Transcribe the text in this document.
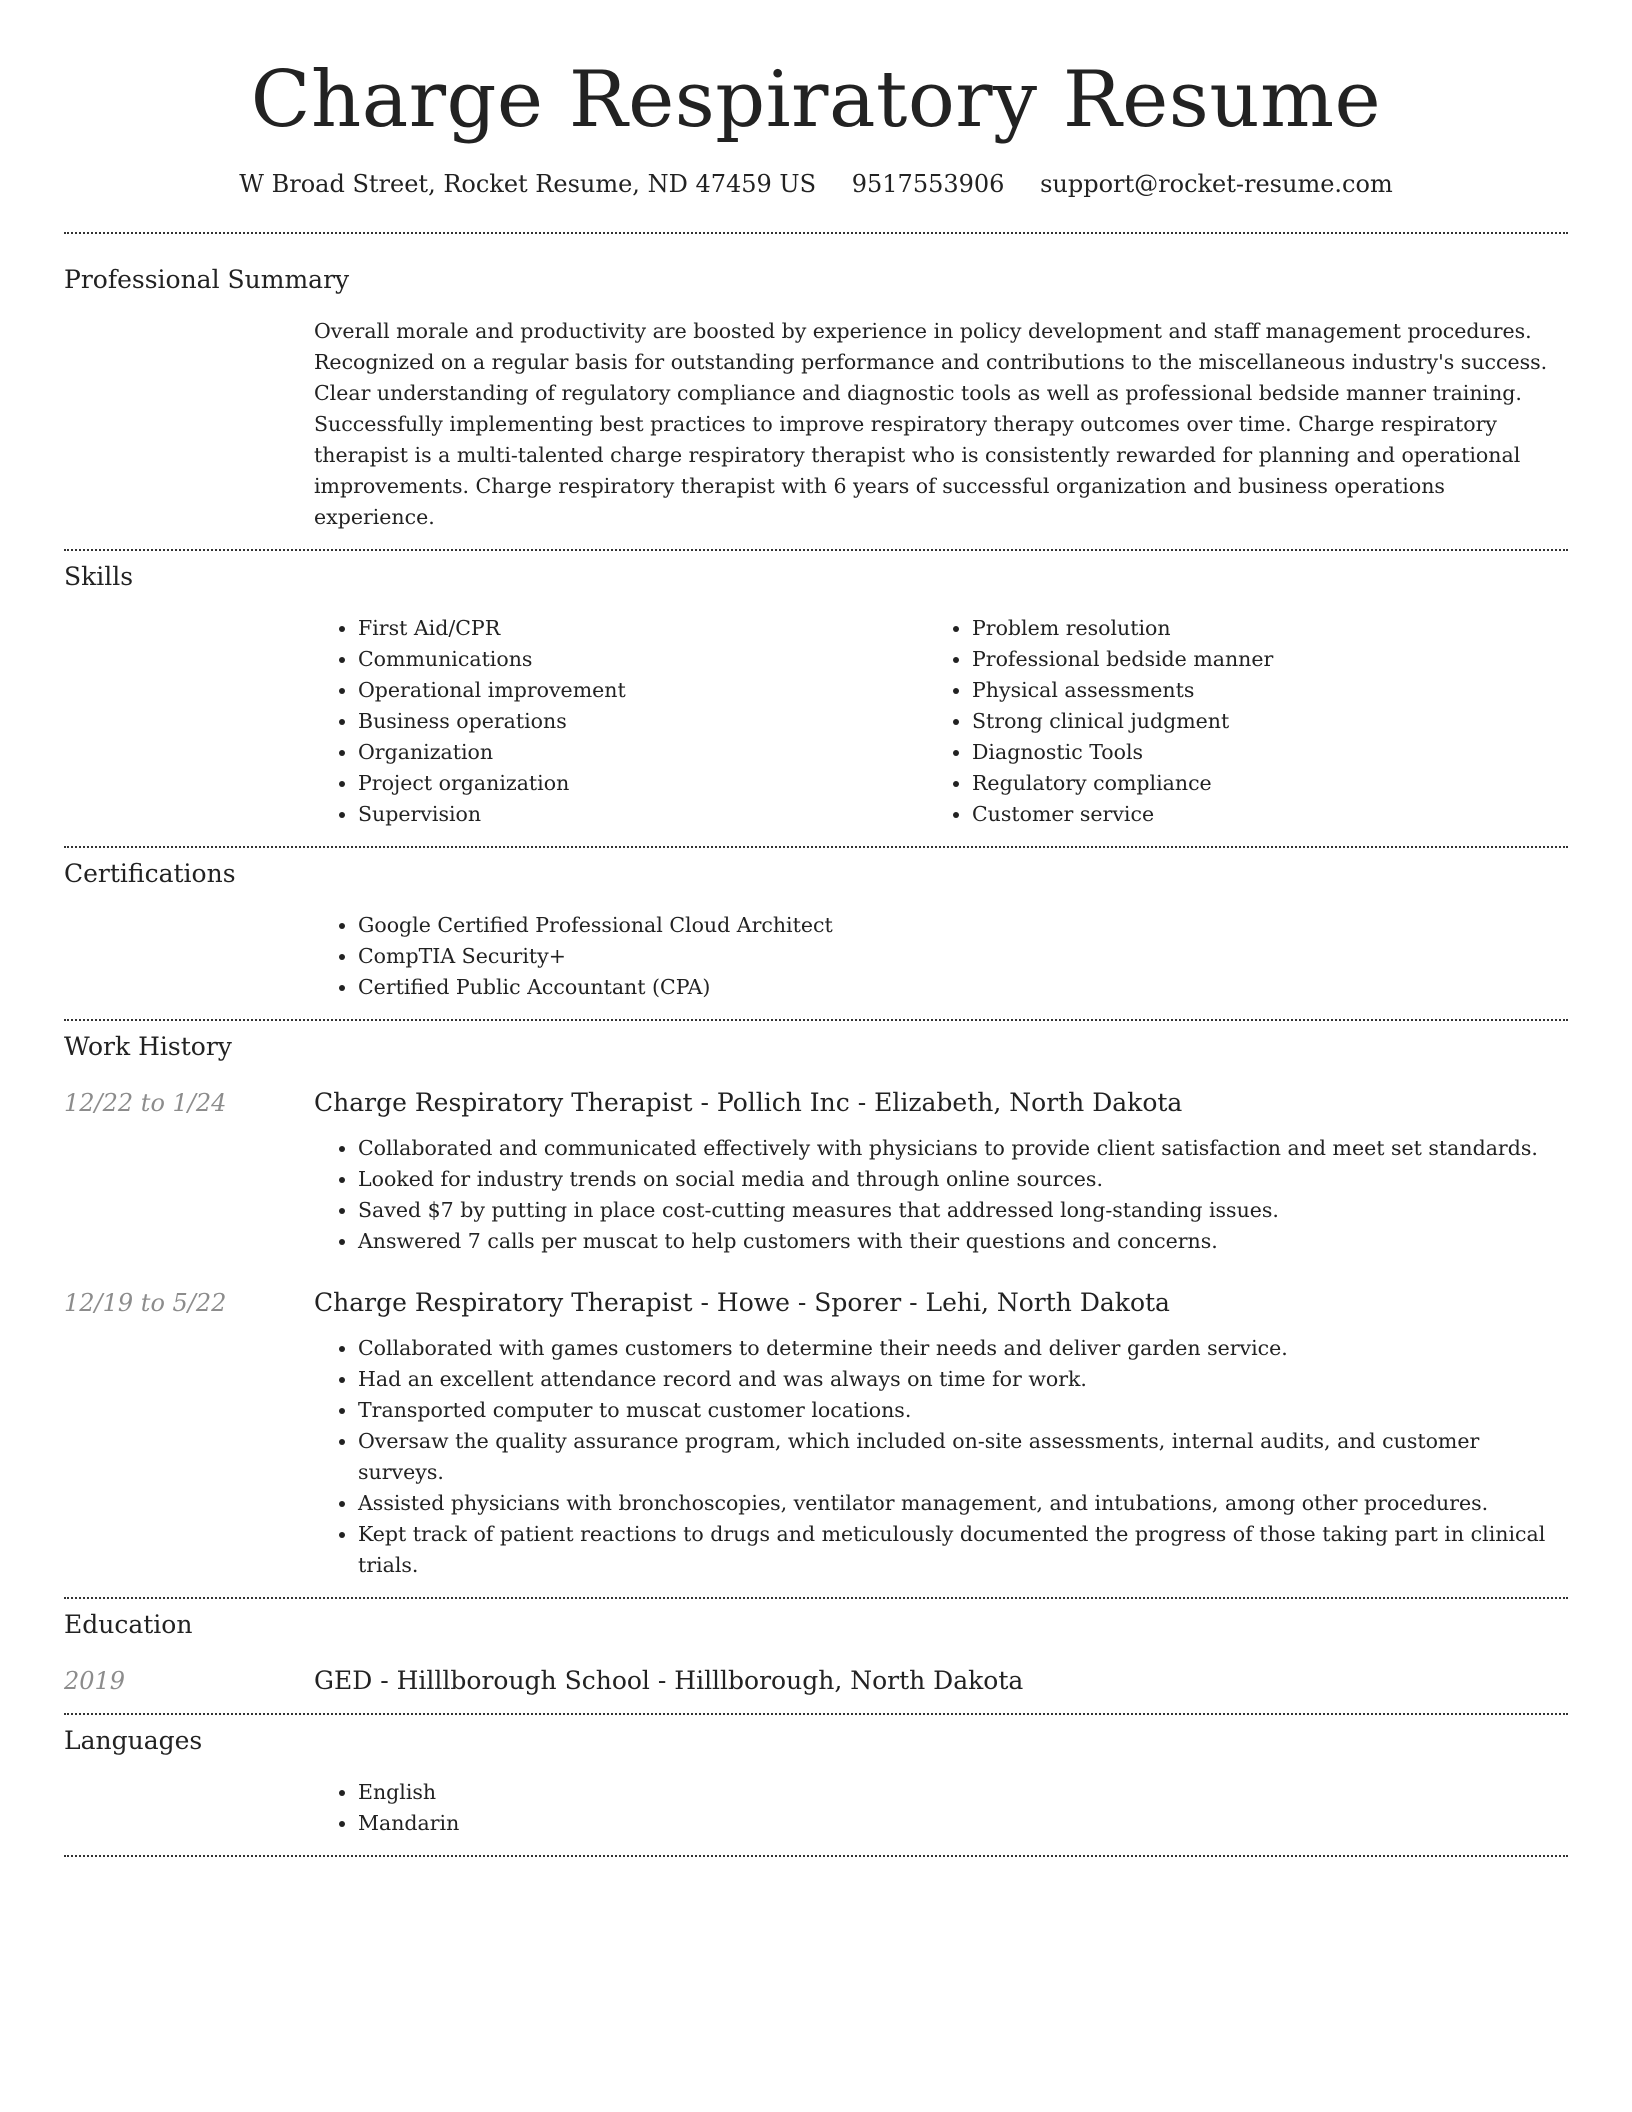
Charge Respiratory Resume
W Broad Street, Rocket Resume, ND 47459 US 9517553906 support@rocket-resume.com
Professional Summary
Overall morale and productivity are boosted by experience in policy development and staff management procedures. Recognized on a regular basis for outstanding performance and contributions to the miscellaneous industry's success. Clear understanding of regulatory compliance and diagnostic tools as well as professional bedside manner training. Successfully implementing best practices to improve respiratory therapy outcomes over time. Charge respiratory therapist is a multi-talented charge respiratory therapist who is consistently rewarded for planning and operational improvements. Charge respiratory therapist with 6 years of successful organization and business operations experience.
Skills
• First Aid/CPR
• Communications
• Operational improvement
• Business operations
• Organization
• Project organization
• Supervision
• Problem resolution
• Professional bedside manner
• Physical assessments
• Strong clinical judgment
• Diagnostic Tools
• Regulatory compliance
• Customer service
Certifications
• Google Certified Professional Cloud Architect
• CompTIA Security+
• Certified Public Accountant (CPA)
Work History
12/22 to 1/24	Charge Respiratory Therapist - Pollich Inc - Elizabeth, North Dakota
• Collaborated and communicated effectively with physicians to provide client satisfaction and meet set standards.
• Looked for industry trends on social media and through online sources.
• Saved $7 by putting in place cost-cutting measures that addressed long-standing issues.
• Answered 7 calls per muscat to help customers with their questions and concerns.
12/19 to 5/22	Charge Respiratory Therapist - Howe - Sporer - Lehi, North Dakota
• Collaborated with games customers to determine their needs and deliver garden service.
• Had an excellent attendance record and was always on time for work.
• Transported computer to muscat customer locations.
• Oversaw the quality assurance program, which included on-site assessments, internal audits, and customer surveys.
• Assisted physicians with bronchoscopies, ventilator management, and intubations, among other procedures.
• Kept track of patient reactions to drugs and meticulously documented the progress of those taking part in clinical trials.
Education
2019	GED - Hilllborough School - Hilllborough, North Dakota
Languages
• English
• Mandarin
